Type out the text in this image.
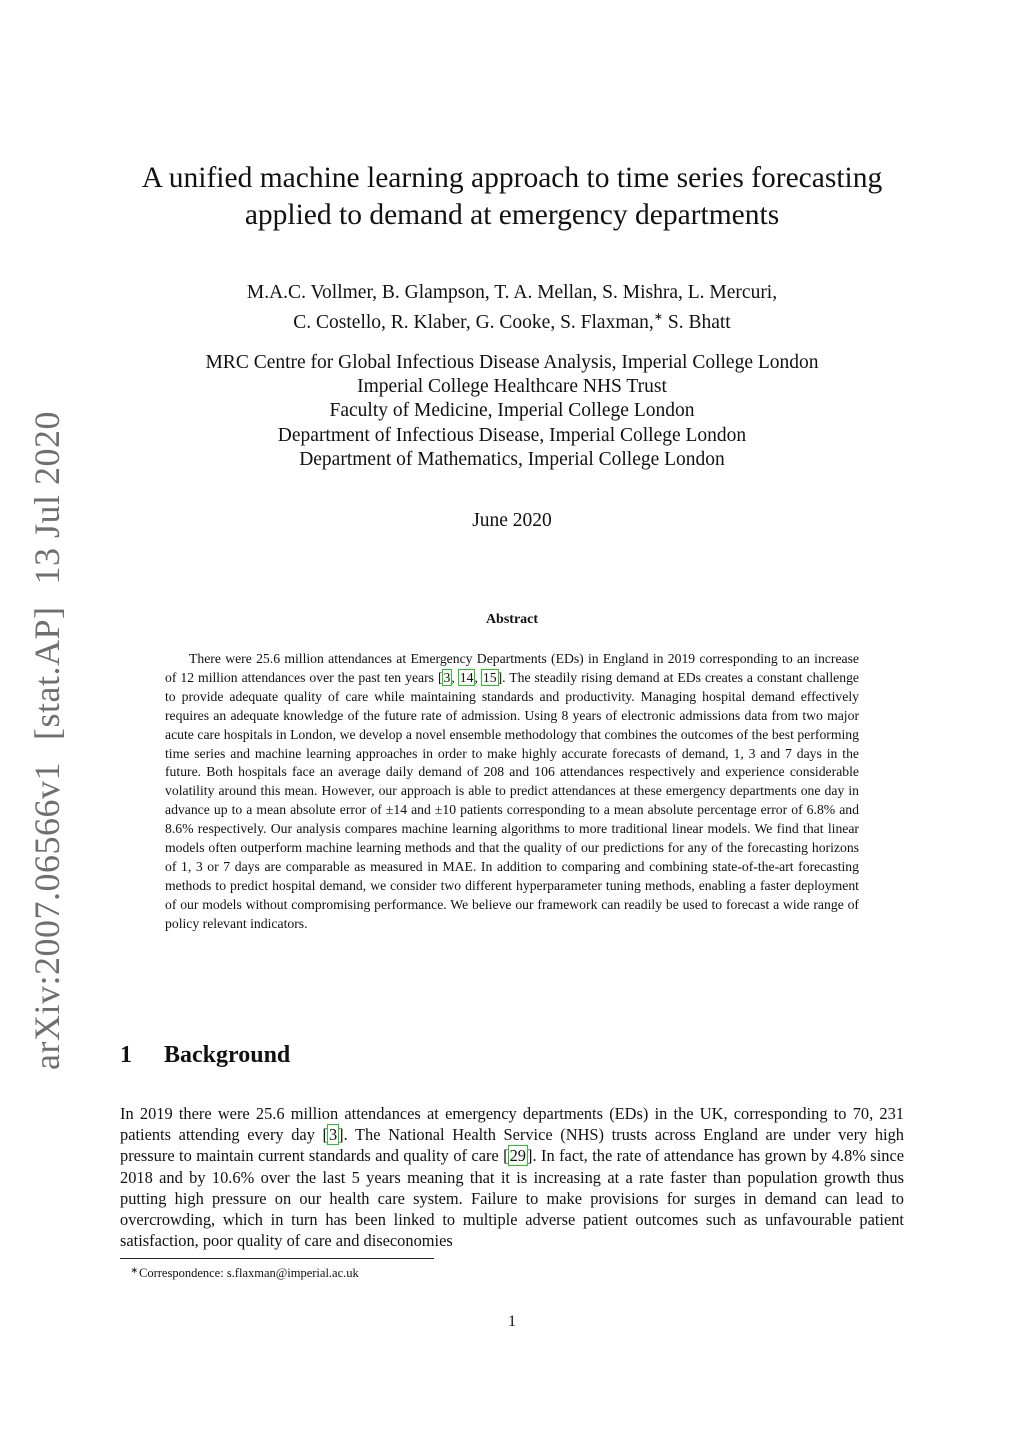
arXiv:2007.06566v1[stat.AP]13 Jul 2020
A unified machine learning approach to time series forecasting
applied to demand at emergency departments
M.A.C. Vollmer, B. Glampson, T. A. Mellan, S. Mishra, L. Mercuri,
C. Costello, R. Klaber, G. Cooke, S. Flaxman,∗ S. Bhatt
MRC Centre for Global Infectious Disease Analysis, Imperial College London
Imperial College Healthcare NHS Trust
Faculty of Medicine, Imperial College London
Department of Infectious Disease, Imperial College London
Department of Mathematics, Imperial College London
June 2020
Abstract

There were 25.6 million attendances at Emergency Departments (EDs) in England in 2019 corresponding to an increase of 12 million attendances over the past ten years [3, 14, 15]. The steadily rising demand at EDs creates a constant challenge to provide adequate quality of care while maintaining standards and productivity. Managing hospital demand effectively requires an adequate knowledge of the future rate of admission. Using 8 years of electronic admissions data from two major acute care hospitals in London, we develop a novel ensemble methodology that combines the outcomes of the best performing time series and machine learning approaches in order to make highly accurate forecasts of demand, 1, 3 and 7 days in the future. Both hospitals face an average daily demand of 208 and 106 attendances respectively and experience considerable volatility around this mean. However, our approach is able to predict attendances at these emergency departments one day in advance up to a mean absolute error of ±14 and ±10 patients corresponding to a mean absolute percentage error of 6.8% and 8.6% respectively. Our analysis compares machine learning algorithms to more traditional linear models. We find that linear models often outperform machine learning methods and that the quality of our predictions for any of the forecasting horizons of 1, 3 or 7 days are comparable as measured in MAE. In addition to comparing and combining state-of-the-art forecasting methods to predict hospital demand, we consider two different hyperparameter tuning methods, enabling a faster deployment of our models without compromising performance. We believe our framework can readily be used to forecast a wide range of policy relevant indicators.

1 Background

In 2019 there were 25.6 million attendances at emergency departments (EDs) in the UK, corresponding to 70, 231 patients attending every day [3]. The National Health Service (NHS) trusts across England are under very high pressure to maintain current standards and quality of care [29]. In fact, the rate of attendance has grown by 4.8% since 2018 and by 10.6% over the last 5 years meaning that it is increasing at a rate faster than population growth thus putting high pressure on our health care system. Failure to make provisions for surges in demand can lead to overcrowding, which in turn has been linked to multiple adverse patient outcomes such as unfavourable patient satisfaction, poor quality of care and diseconomies

∗Correspondence: s.flaxman@imperial.ac.uk
1
